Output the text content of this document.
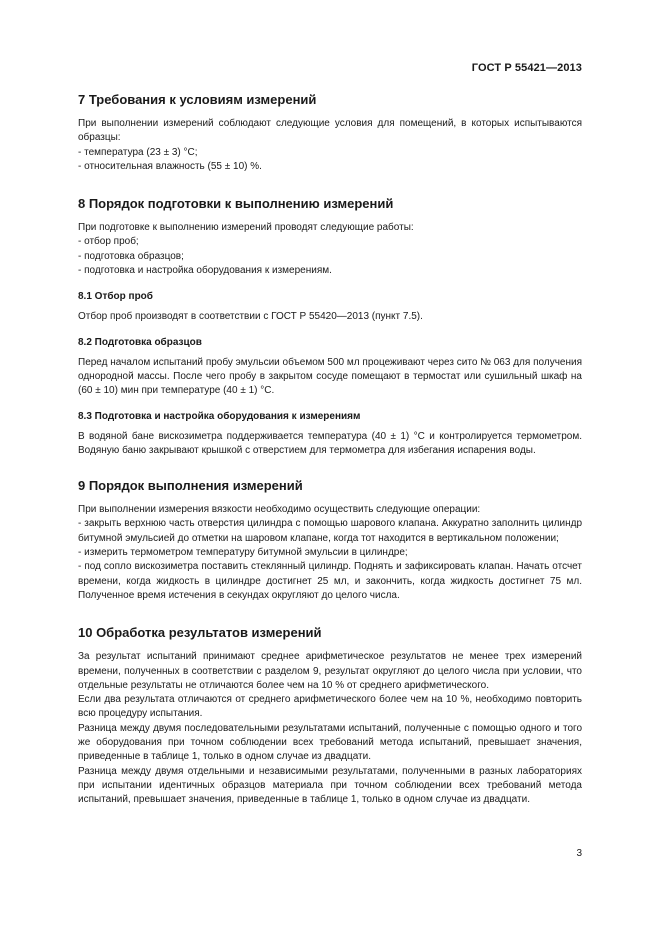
ГОСТ Р 55421—2013
7 Требования к условиям измерений

При выполнении измерений соблюдают следующие условия для помещений, в которых испытываются образцы:

- температура (23 ± 3) °С;
- относительная влажность (55 ± 10) %.
8 Порядок подготовки к выполнению измерений

При подготовке к выполнению измерений проводят следующие работы:

- отбор проб;
- подготовка образцов;
- подготовка и настройка оборудования к измерениям.
8.1 Отбор проб

Отбор проб производят в соответствии с ГОСТ Р 55420—2013 (пункт 7.5).

8.2 Подготовка образцов

Перед началом испытаний пробу эмульсии объемом 500 мл процеживают через сито № 063 для получения однородной массы. После чего пробу в закрытом сосуде помещают в термостат или сушильный шкаф на (60 ± 10) мин при температуре (40 ± 1) °С.

8.3 Подготовка и настройка оборудования к измерениям

В водяной бане вискозиметра поддерживается температура (40 ± 1) °С и контролируется термометром. Водяную баню закрывают крышкой с отверстием для термометра для избегания испарения воды.

9 Порядок выполнения измерений

При выполнении измерения вязкости необходимо осуществить следующие операции:

- закрыть верхнюю часть отверстия цилиндра с помощью шарового клапана. Аккуратно заполнить цилиндр битумной эмульсией до отметки на шаровом клапане, когда тот находится в вертикальном положении;
- измерить термометром температуру битумной эмульсии в цилиндре;
- под сопло вискозиметра поставить стеклянный цилиндр. Поднять и зафиксировать клапан. Начать отсчет времени, когда жидкость в цилиндре достигнет 25 мл, и закончить, когда жидкость достигнет 75 мл. Полученное время истечения в секундах округляют до целого числа.
10 Обработка результатов измерений

За результат испытаний принимают среднее арифметическое результатов не менее трех измерений времени, полученных в соответствии с разделом 9, результат округляют до целого числа при условии, что отдельные результаты не отличаются более чем на 10 % от среднего арифметического.

Если два результата отличаются от среднего арифметического более чем на 10 %, необходимо повторить всю процедуру испытания.

Разница между двумя последовательными результатами испытаний, полученные с помощью одного и того же оборудования при точном соблюдении всех требований метода испытаний, превышает значения, приведенные в таблице 1, только в одном случае из двадцати.

Разница между двумя отдельными и независимыми результатами, полученными в разных лабораториях при испытании идентичных образцов материала при точном соблюдении всех требований метода испытаний, превышает значения, приведенные в таблице 1, только в одном случае из двадцати.

3
